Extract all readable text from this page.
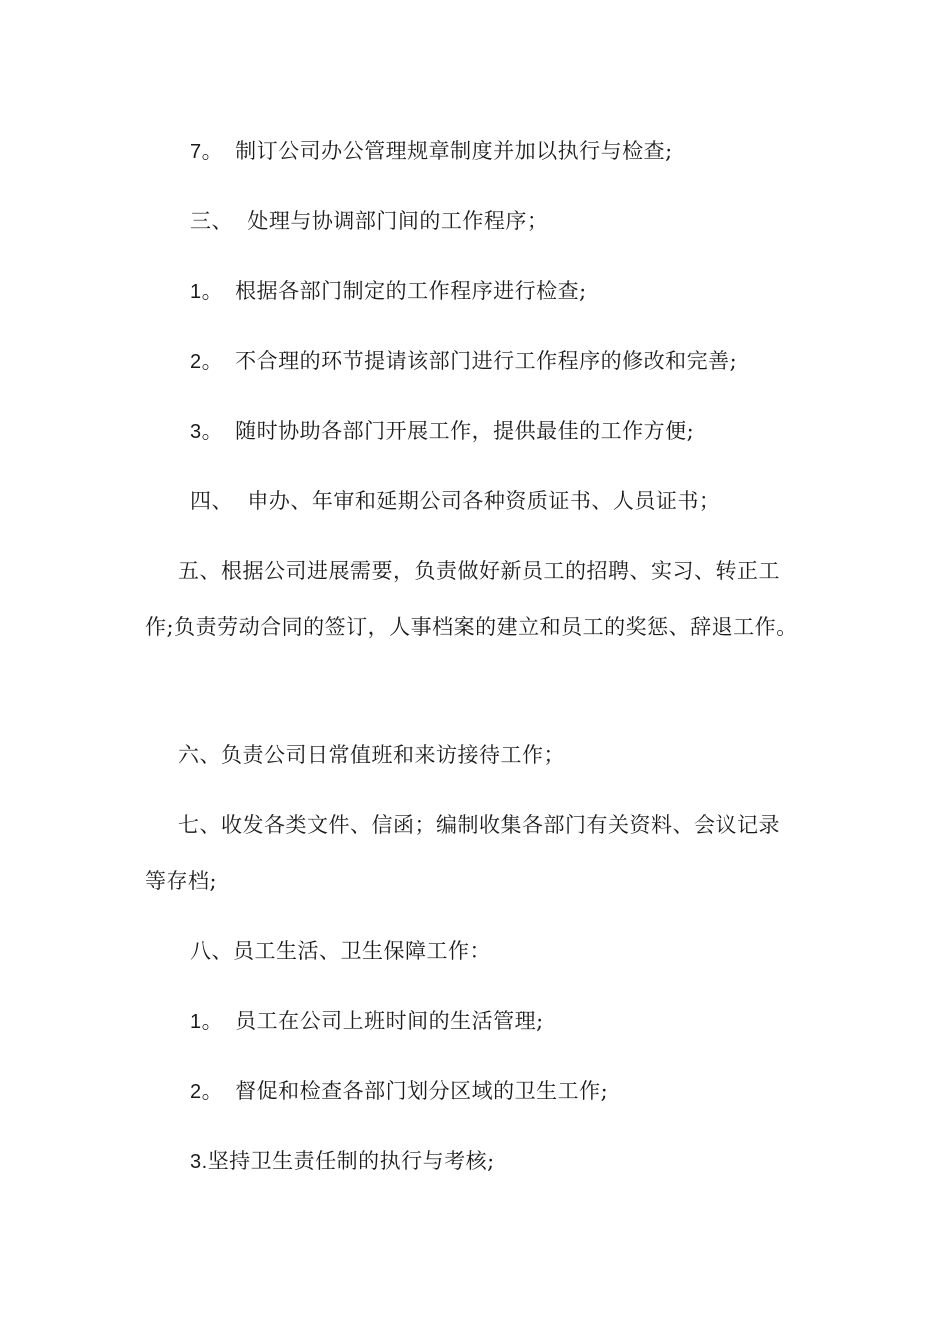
7。 制订公司办公管理规章制度并加以执行与检查;
三、  处理与协调部门间的工作程序；
1。 根据各部门制定的工作程序进行检查;
2。 不合理的环节提请该部门进行工作程序的修改和完善;
3。 随时协助各部门开展工作，提供最佳的工作方便;
四、  申办、年审和延期公司各种资质证书、人员证书；
五、根据公司进展需要，负责做好新员工的招聘、实习、转正工
作;负责劳动合同的签订，人事档案的建立和员工的奖惩、辞退工作。
六、负责公司日常值班和来访接待工作；
七、收发各类文件、信函；编制收集各部门有关资料、会议记录
等存档;
八、员工生活、卫生保障工作：
1。 员工在公司上班时间的生活管理;
2。 督促和检查各部门划分区域的卫生工作;
3.坚持卫生责任制的执行与考核;
